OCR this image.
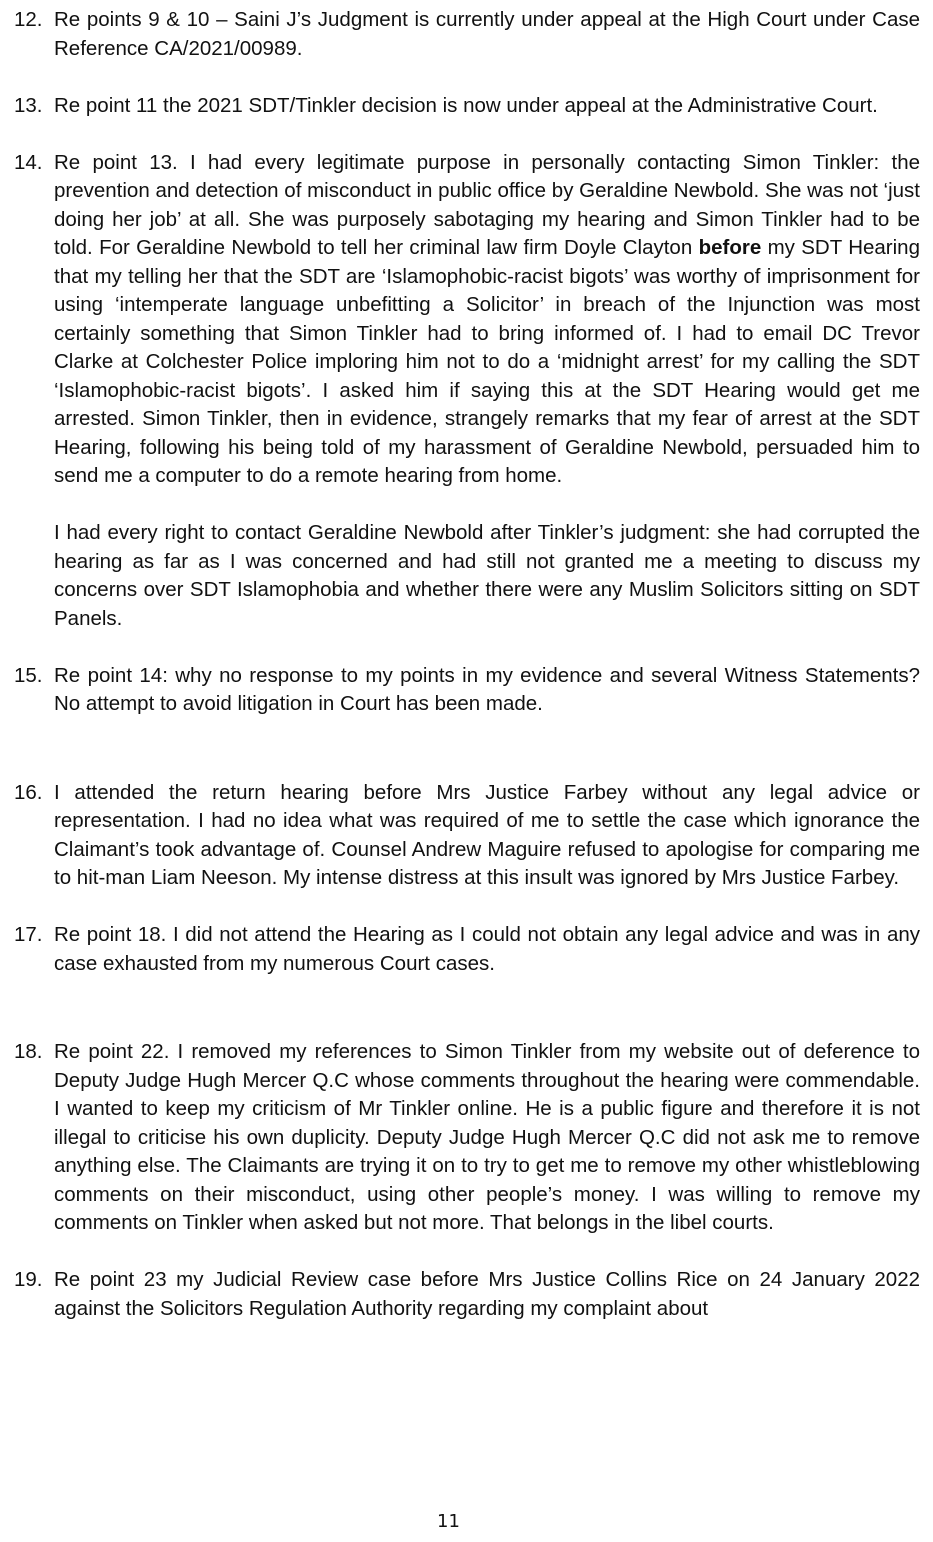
12. Re points 9 & 10 – Saini J’s Judgment is currently under appeal at the High Court under Case Reference CA/2021/00989.

13. Re point 11 the 2021 SDT/Tinkler decision is now under appeal at the Administrative Court.

14. Re point 13. I had every legitimate purpose in personally contacting Simon Tinkler: the prevention and detection of misconduct in public office by Geraldine Newbold. She was not ‘just doing her job’ at all. She was purposely sabotaging my hearing and Simon Tinkler had to be told. For Geraldine Newbold to tell her criminal law firm Doyle Clayton before my SDT Hearing that my telling her that the SDT are ‘Islamophobic-racist bigots’ was worthy of imprisonment for using ‘intemperate language unbefitting a Solicitor’ in breach of the Injunction was most certainly something that Simon Tinkler had to bring informed of. I had to email DC Trevor Clarke at Colchester Police imploring him not to do a ‘midnight arrest’ for my calling the SDT ‘Islamophobic-racist bigots’. I asked him if saying this at the SDT Hearing would get me arrested. Simon Tinkler, then in evidence, strangely remarks that my fear of arrest at the SDT Hearing, following his being told of my harassment of Geraldine Newbold, persuaded him to send me a computer to do a remote hearing from home.

I had every right to contact Geraldine Newbold after Tinkler’s judgment: she had corrupted the hearing as far as I was concerned and had still not granted me a meeting to discuss my concerns over SDT Islamophobia and whether there were any Muslim Solicitors sitting on SDT Panels.

15. Re point 14: why no response to my points in my evidence and several Witness Statements? No attempt to avoid litigation in Court has been made.

16. I attended the return hearing before Mrs Justice Farbey without any legal advice or representation. I had no idea what was required of me to settle the case which ignorance the Claimant’s took advantage of. Counsel Andrew Maguire refused to apologise for comparing me to hit-man Liam Neeson. My intense distress at this insult was ignored by Mrs Justice Farbey.

17. Re point 18. I did not attend the Hearing as I could not obtain any legal advice and was in any case exhausted from my numerous Court cases.

18. Re point 22. I removed my references to Simon Tinkler from my website out of deference to Deputy Judge Hugh Mercer Q.C whose comments throughout the hearing were commendable. I wanted to keep my criticism of Mr Tinkler online. He is a public figure and therefore it is not illegal to criticise his own duplicity. Deputy Judge Hugh Mercer Q.C did not ask me to remove anything else. The Claimants are trying it on to try to get me to remove my other whistleblowing comments on their misconduct, using other people’s money. I was willing to remove my comments on Tinkler when asked but not more. That belongs in the libel courts.

19. Re point 23 my Judicial Review case before Mrs Justice Collins Rice on 24 January 2022 against the Solicitors Regulation Authority regarding my complaint about

11
